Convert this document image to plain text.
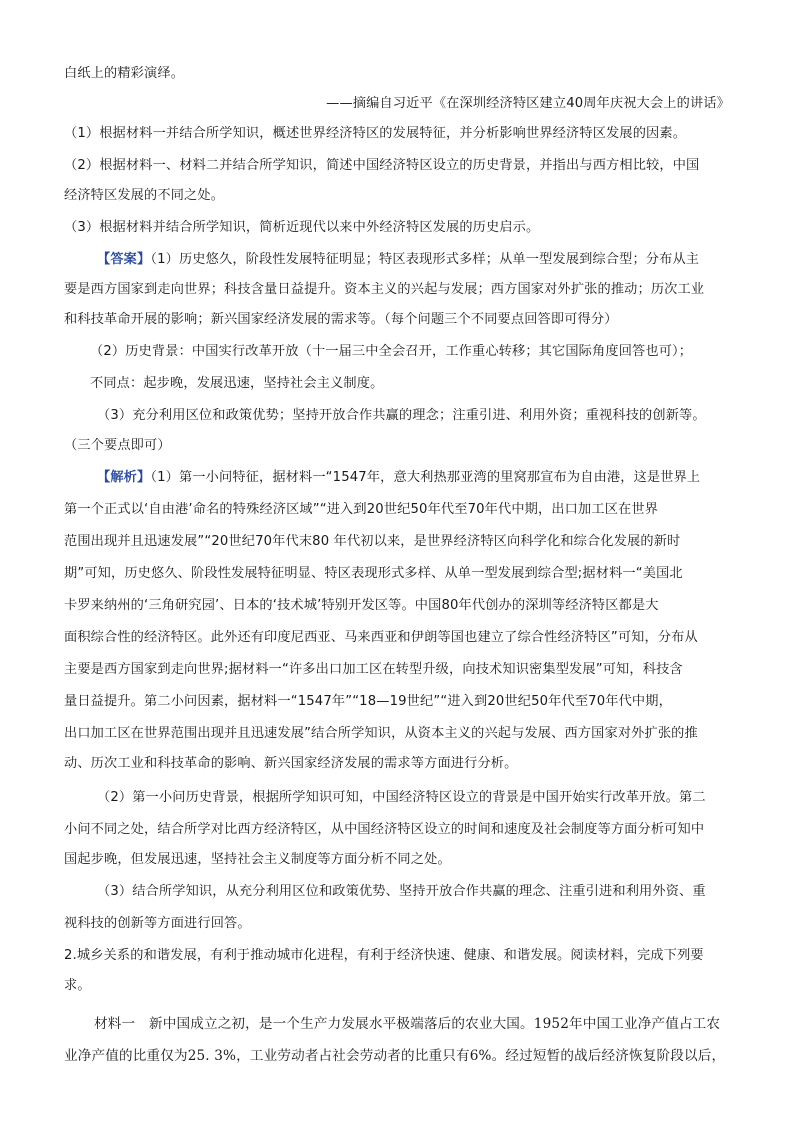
白纸上的精彩演绎。

——摘编自习近平《在深圳经济特区建立40周年庆祝大会上的讲话》

（1）根据材料一并结合所学知识，概述世界经济特区的发展特征，并分析影响世界经济特区发展的因素。

（2）根据材料一、材料二并结合所学知识，简述中国经济特区设立的历史背景，并指出与西方相比较，中国

经济特区发展的不同之处。

（3）根据材料并结合所学知识，简析近现代以来中外经济特区发展的历史启示。

【答案】（1）历史悠久，阶段性发展特征明显；特区表现形式多样；从单一型发展到综合型；分布从主

要是西方国家到走向世界；科技含量日益提升。资本主义的兴起与发展；西方国家对外扩张的推动；历次工业

和科技革命开展的影响；新兴国家经济发展的需求等。（每个问题三个不同要点回答即可得分）

（2）历史背景：中国实行改革开放（十一届三中全会召开，工作重心转移；其它国际角度回答也可）；

不同点：起步晚，发展迅速，坚持社会主义制度。

（3）充分利用区位和政策优势；坚持开放合作共赢的理念；注重引进、利用外资；重视科技的创新等。

（三个要点即可）

【解析】（1）第一小问特征，据材料一“1547年，意大利热那亚湾的里窝那宣布为自由港，这是世界上

第一个正式以‘自由港’命名的特殊经济区域”“进入到20世纪50年代至70年代中期，出口加工区在世界

范围出现并且迅速发展”“20世纪70年代末80 年代初以来，是世界经济特区向科学化和综合化发展的新时

期”可知，历史悠久、阶段性发展特征明显、特区表现形式多样、从单一型发展到综合型;据材料一“美国北

卡罗来纳州的‘三角研究园’、日本的‘技术城’特别开发区等。中国80年代创办的深圳等经济特区都是大

面积综合性的经济特区。此外还有印度尼西亚、马来西亚和伊朗等国也建立了综合性经济特区”可知，分布从

主要是西方国家到走向世界;据材料一“许多出口加工区在转型升级，向技术知识密集型发展”可知，科技含

量日益提升。第二小问因素，据材料一“1547年”“18—19世纪”“进入到20世纪50年代至70年代中期，

出口加工区在世界范围出现并且迅速发展”结合所学知识，从资本主义的兴起与发展、西方国家对外扩张的推

动、历次工业和科技革命的影响、新兴国家经济发展的需求等方面进行分析。

（2）第一小问历史背景，根据所学知识可知，中国经济特区设立的背景是中国开始实行改革开放。第二

小问不同之处，结合所学对比西方经济特区，从中国经济特区设立的时间和速度及社会制度等方面分析可知中

国起步晚，但发展迅速，坚持社会主义制度等方面分析不同之处。

（3）结合所学知识，从充分利用区位和政策优势、坚持开放合作共赢的理念、注重引进和利用外资、重

视科技的创新等方面进行回答。

2.城乡关系的和谐发展，有利于推动城市化进程，有利于经济快速、健康、和谐发展。阅读材料，完成下列要

求。

材料一　新中国成立之初，是一个生产力发展水平极端落后的农业大国。1952年中国工业净产值占工农

业净产值的比重仅为25. 3%，工业劳动者占社会劳动者的比重只有6%。经过短暂的战后经济恢复阶段以后，
